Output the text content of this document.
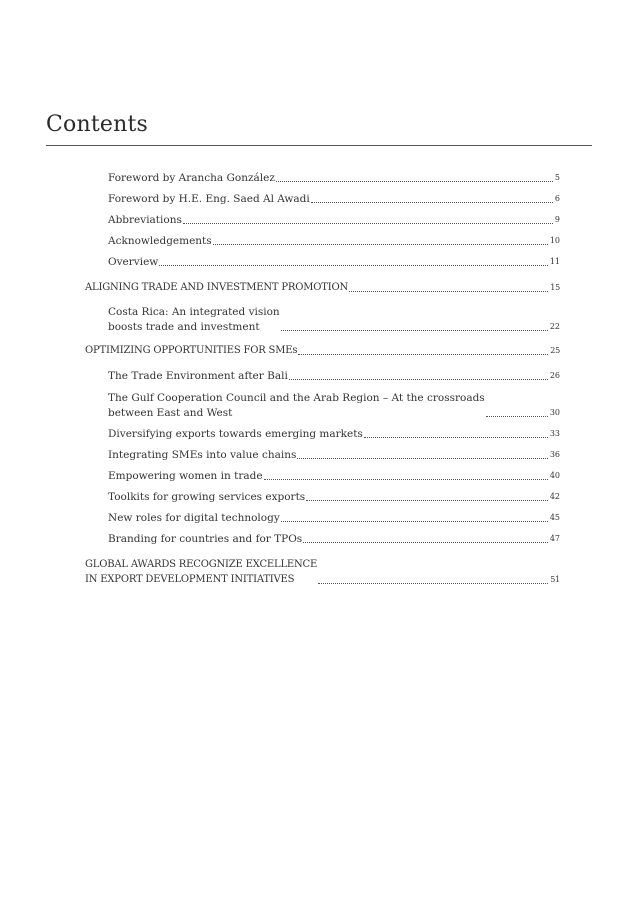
Contents
Foreword by Arancha González	5
Foreword by H.E. Eng. Saed Al Awadi	6
Abbreviations	9
Acknowledgements	10
Overview	11
ALIGNING TRADE AND INVESTMENT PROMOTION	15
Costa Rica: An integrated vision
boosts trade and investment	22
OPTIMIZING OPPORTUNITIES FOR SMEs	25
The Trade Environment after Bali	26
The Gulf Cooperation Council and the Arab Region – At the crossroads
between East and West	30
Diversifying exports towards emerging markets	33
Integrating SMEs into value chains	36
Empowering women in trade	40
Toolkits for growing services exports	42
New roles for digital technology	45
Branding for countries and for TPOs	47
GLOBAL AWARDS RECOGNIZE EXCELLENCE
IN EXPORT DEVELOPMENT INITIATIVES	51
